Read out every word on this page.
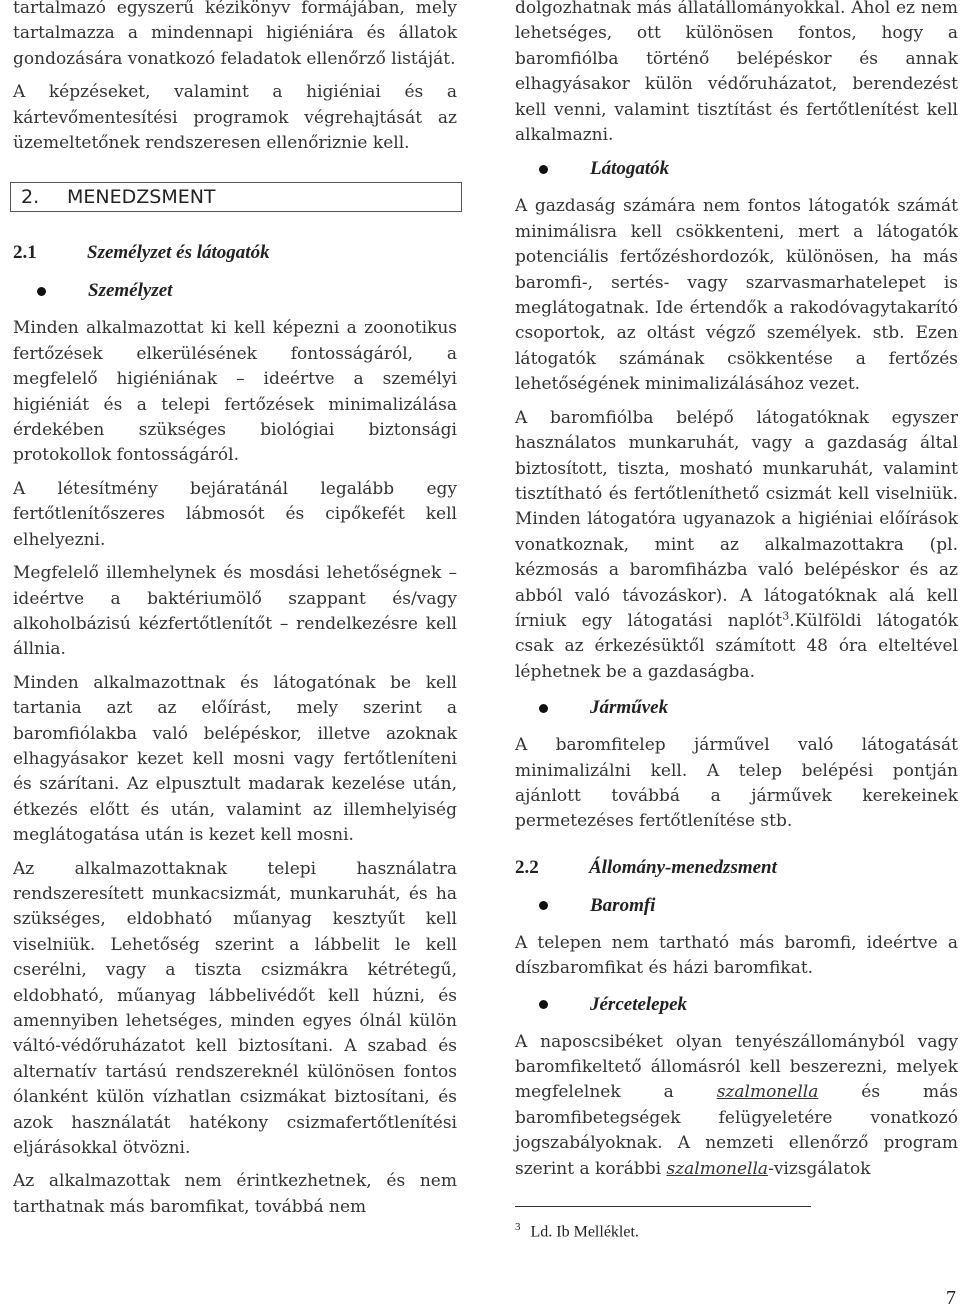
tartalmazó egyszerű kézikönyv formájában, mely tartalmazza a mindennapi higiéniára és állatok gondozására vonatkozó feladatok ellenőrző listáját.

A képzéseket, valamint a higiéniai és a kártevőmentesítési programok végrehajtását az üzemeltetőnek rendszeresen ellenőriznie kell.

2.	MENEDZSMENT
2.1	Személyzet és látogatók
Személyzet

Minden alkalmazottat ki kell képezni a zoonotikus fertőzések elkerülésének fontosságáról, a megfelelő higiéniának – ideértve a személyi higiéniát és a telepi fertőzések minimalizálása érdekében szükséges biológiai biztonsági protokollok fontosságáról.

A létesítmény bejáratánál legalább egy fertőtlenítőszeres lábmosót és cipőkefét kell elhelyezni.

Megfelelő illemhelynek és mosdási lehetőségnek – ideértve a baktériumölő szappant és/vagy alkoholbázisú kézfertőtlenítőt – rendelkezésre kell állnia.

Minden alkalmazottnak és látogatónak be kell tartania azt az előírást, mely szerint a baromfiólakba való belépéskor, illetve azoknak elhagyásakor kezet kell mosni vagy fertőtleníteni és szárítani. Az elpusztult madarak kezelése után, étkezés előtt és után, valamint az illemhelyiség meglátogatása után is kezet kell mosni.

Az alkalmazottaknak telepi használatra rendszeresített munkacsizmát, munkaruhát, és ha szükséges, eldobható műanyag kesztyűt kell viselniük. Lehetőség szerint a lábbelit le kell cserélni, vagy a tiszta csizmákra kétrétegű, eldobható, műanyag lábbelivédőt kell húzni, és amennyiben lehetséges, minden egyes ólnál külön váltó-védőruházatot kell biztosítani. A szabad és alternatív tartású rendszereknél különösen fontos ólanként külön vízhatlan csizmákat biztosítani, és azok használatát hatékony csizmafertőtlenítési eljárásokkal ötvözni.

Az alkalmazottak nem érintkezhetnek, és nem tarthatnak más baromfikat, továbbá nem

dolgozhatnak más állatállományokkal. Ahol ez nem lehetséges, ott különösen fontos, hogy a baromfiólba történő belépéskor és annak elhagyásakor külön védőruházatot, berendezést kell venni, valamint tisztítást és fertőtlenítést kell alkalmazni.

Látogatók

A gazdaság számára nem fontos látogatók számát minimálisra kell csökkenteni, mert a látogatók potenciális fertőzéshordozók, különösen, ha más baromfi-, sertés- vagy szarvasmarhatelepet is meglátogatnak. Ide értendők a rakodóvagytakarító csoportok, az oltást végző személyek. stb. Ezen látogatók számának csökkentése a fertőzés lehetőségének minimalizálásához vezet.

A baromfiólba belépő látogatóknak egyszer használatos munkaruhát, vagy a gazdaság által biztosított, tiszta, mosható munkaruhát, valamint tisztítható és fertőtleníthető csizmát kell viselniük. Minden látogatóra ugyanazok a higiéniai előírások vonatkoznak, mint az alkalmazottakra (pl. kézmosás a baromfiházba való belépéskor és az abból való távozáskor). A látogatóknak alá kell írniuk egy látogatási naplót$^3$.Külföldi látogatók csak az érkezésüktől számított 48 óra elteltével léphetnek be a gazdaságba.

Járművek

A baromfitelep járművel való látogatását minimalizálni kell. A telep belépési pontján ajánlott továbbá a járművek kerekeinek permetezéses fertőtlenítése stb.

2.2	Állomány-menedzsment
Baromfi

A telepen nem tartható más baromfi, ideértve a díszbaromfikat és házi baromfikat.

Jércetelepek

A naposcsibéket olyan tenyészállományból vagy baromfikeltető állomásról kell beszerezni, melyek megfelelnek a szalmonella és más baromfibetegségek felügyeletére vonatkozó jogszabályoknak. A nemzeti ellenőrző program szerint a korábbi szalmonella-vizsgálatok

$^3$ Ld. Ib Melléklet.
7
